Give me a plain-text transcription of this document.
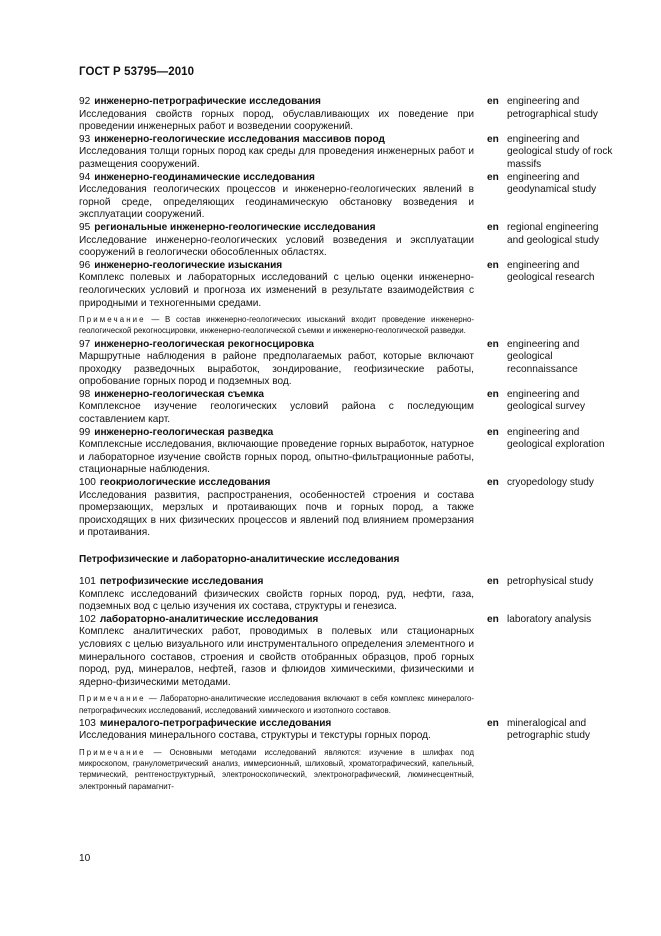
ГОСТ Р 53795—2010
92 инженерно-петрографические исследования
Исследования свойств горных пород, обуславливающих их поведение при проведении инженерных работ и возведении сооружений.
en engineering and petrographical study
93 инженерно-геологические исследования массивов пород
Исследования толщи горных пород как среды для проведения инженерных работ и размещения сооружений.
en engineering and geological study of rock massifs
94 инженерно-геодинамические исследования
Исследования геологических процессов и инженерно-геологических явлений в горной среде, определяющих геодинамическую обстановку возведения и эксплуатации сооружений.
en engineering and geodynamical study
95 региональные инженерно-геологические исследования
Исследование инженерно-геологических условий возведения и эксплуатации сооружений в геологически обособленных областях.
en regional engineering and geological study
96 инженерно-геологические изыскания
Комплекс полевых и лабораторных исследований с целью оценки инженерно-геологических условий и прогноза их изменений в результате взаимодействия с природными и техногенными средами.
en engineering and geological research
Примечание — В состав инженерно-геологических изысканий входит проведение инженерно-геологической рекогносцировки, инженерно-геологической съемки и инженерно-геологической разведки.
97 инженерно-геологическая рекогносцировка
Маршрутные наблюдения в районе предполагаемых работ, которые включают проходку разведочных выработок, зондирование, геофизические работы, опробование горных пород и подземных вод.
en engineering and geological reconnaissance
98 инженерно-геологическая съемка
Комплексное изучение геологических условий района с последующим составлением карт.
en engineering and geological survey
99 инженерно-геологическая разведка
Комплексные исследования, включающие проведение горных выработок, натурное и лабораторное изучение свойств горных пород, опытно-фильтрационные работы, стационарные наблюдения.
en engineering and geological exploration
100 геокриологические исследования
Исследования развития, распространения, особенностей строения и состава промерзающих, мерзлых и протаивающих почв и горных пород, а также происходящих в них физических процессов и явлений под влиянием промерзания и протаивания.
en cryopedology study
Петрофизические и лабораторно-аналитические исследования
101 петрофизические исследования
Комплекс исследований физических свойств горных пород, руд, нефти, газа, подземных вод с целью изучения их состава, структуры и генезиса.
en petrophysical study
102 лабораторно-аналитические исследования
Комплекс аналитических работ, проводимых в полевых или стационарных условиях с целью визуального или инструментального определения элементного и минерального составов, строения и свойств отобранных образцов, проб горных пород, руд, минералов, нефтей, газов и флюидов химическими, физическими и ядерно-физическими методами.
en laboratory analysis
Примечание — Лабораторно-аналитические исследования включают в себя комплекс минералого-петрографических исследований, исследований химического и изотопного составов.
103 минералого-петрографические исследования
Исследования минерального состава, структуры и текстуры горных пород.
en mineralogical and petrographic study
Примечание — Основными методами исследований являются: изучение в шлифах под микроскопом, гранулометрический анализ, иммерсионный, шлиховый, хроматографический, капельный, термический, рентгеноструктурный, электроноскопический, электронографический, люминесцентный, электронный парамагнит-
10
